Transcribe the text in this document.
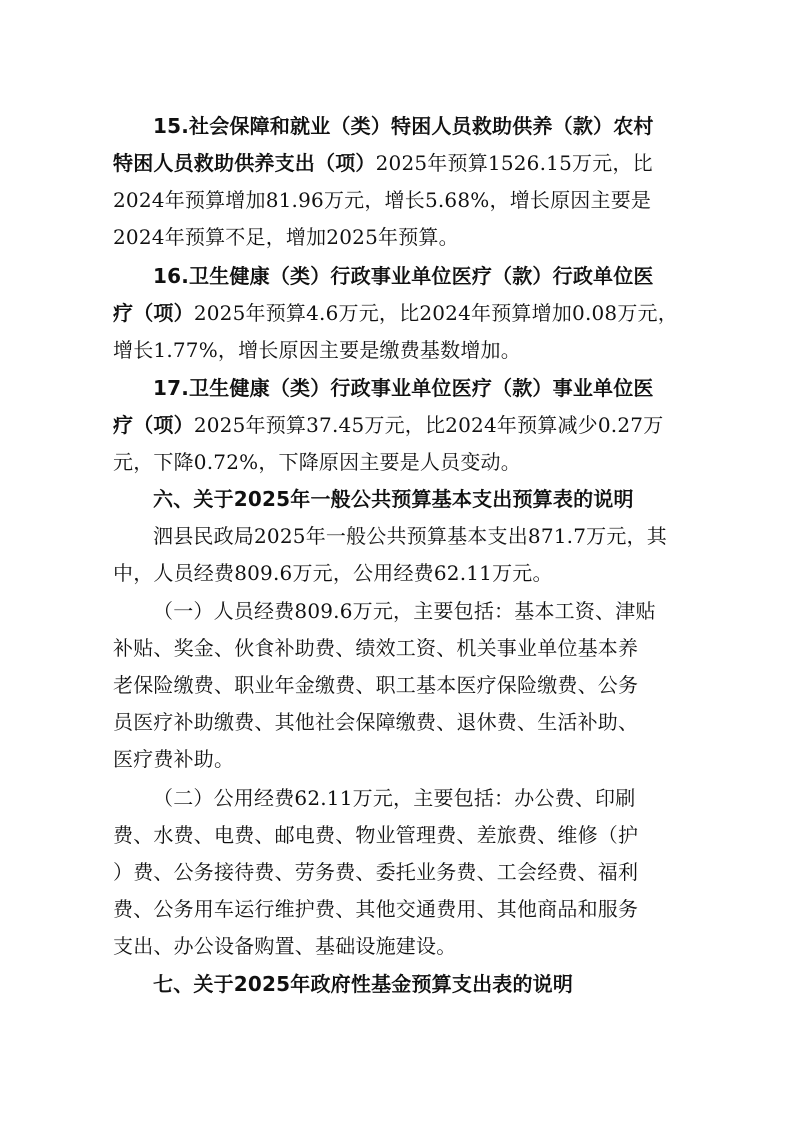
15.社会保障和就业（类）特困人员救助供养（款）农村
特困人员救助供养支出（项）2025年预算1526.15万元，比
2024年预算增加81.96万元，增长5.68%，增长原因主要是
2024年预算不足，增加2025年预算。
16.卫生健康（类）行政事业单位医疗（款）行政单位医
疗（项）2025年预算4.6万元，比2024年预算增加0.08万元，
增长1.77%，增长原因主要是缴费基数增加。
17.卫生健康（类）行政事业单位医疗（款）事业单位医
疗（项）2025年预算37.45万元，比2024年预算减少0.27万
元，下降0.72%，下降原因主要是人员变动。
六、关于2025年一般公共预算基本支出预算表的说明
泗县民政局2025年一般公共预算基本支出871.7万元，其
中，人员经费809.6万元，公用经费62.11万元。
（一）人员经费809.6万元，主要包括：基本工资、津贴
补贴、奖金、伙食补助费、绩效工资、机关事业单位基本养
老保险缴费、职业年金缴费、职工基本医疗保险缴费、公务
员医疗补助缴费、其他社会保障缴费、退休费、生活补助、
医疗费补助。
（二）公用经费62.11万元，主要包括：办公费、印刷
费、水费、电费、邮电费、物业管理费、差旅费、维修（护
）费、公务接待费、劳务费、委托业务费、工会经费、福利
费、公务用车运行维护费、其他交通费用、其他商品和服务
支出、办公设备购置、基础设施建设。
七、关于2025年政府性基金预算支出表的说明
